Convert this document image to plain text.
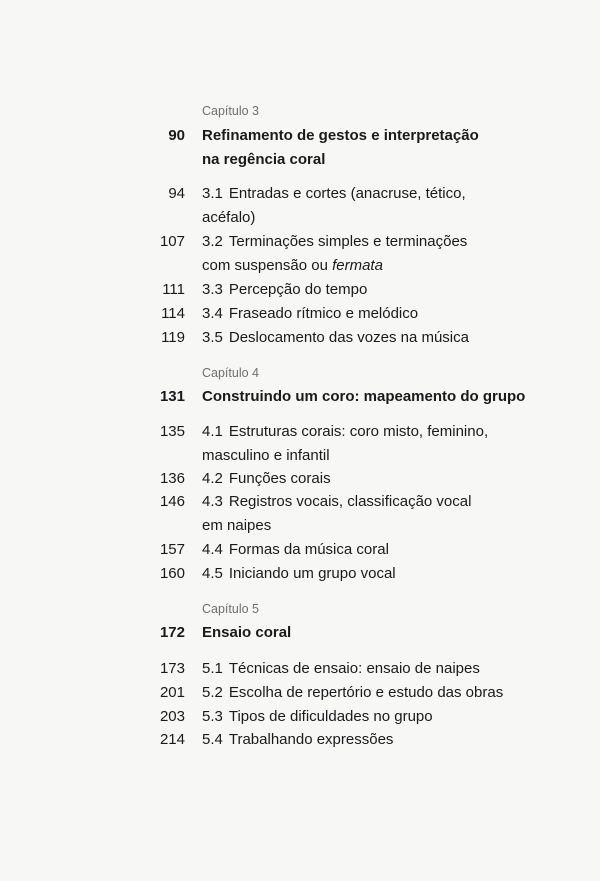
Capítulo 3
90 Refinamento de gestos e interpretação
na regência coral
94 3.1 Entradas e cortes (anacruse, tético,
acéfalo)
107 3.2 Terminações simples e terminações
com suspensão ou fermata
111 3.3 Percepção do tempo
114 3.4 Fraseado rítmico e melódico
119 3.5 Deslocamento das vozes na música
Capítulo 4
131 Construindo um coro: mapeamento do grupo
135 4.1 Estruturas corais: coro misto, feminino,
masculino e infantil
136 4.2 Funções corais
146 4.3 Registros vocais, classificação vocal
em naipes
157 4.4 Formas da música coral
160 4.5 Iniciando um grupo vocal
Capítulo 5
172 Ensaio coral
173 5.1 Técnicas de ensaio: ensaio de naipes
201 5.2 Escolha de repertório e estudo das obras
203 5.3 Tipos de dificuldades no grupo
214 5.4 Trabalhando expressões
